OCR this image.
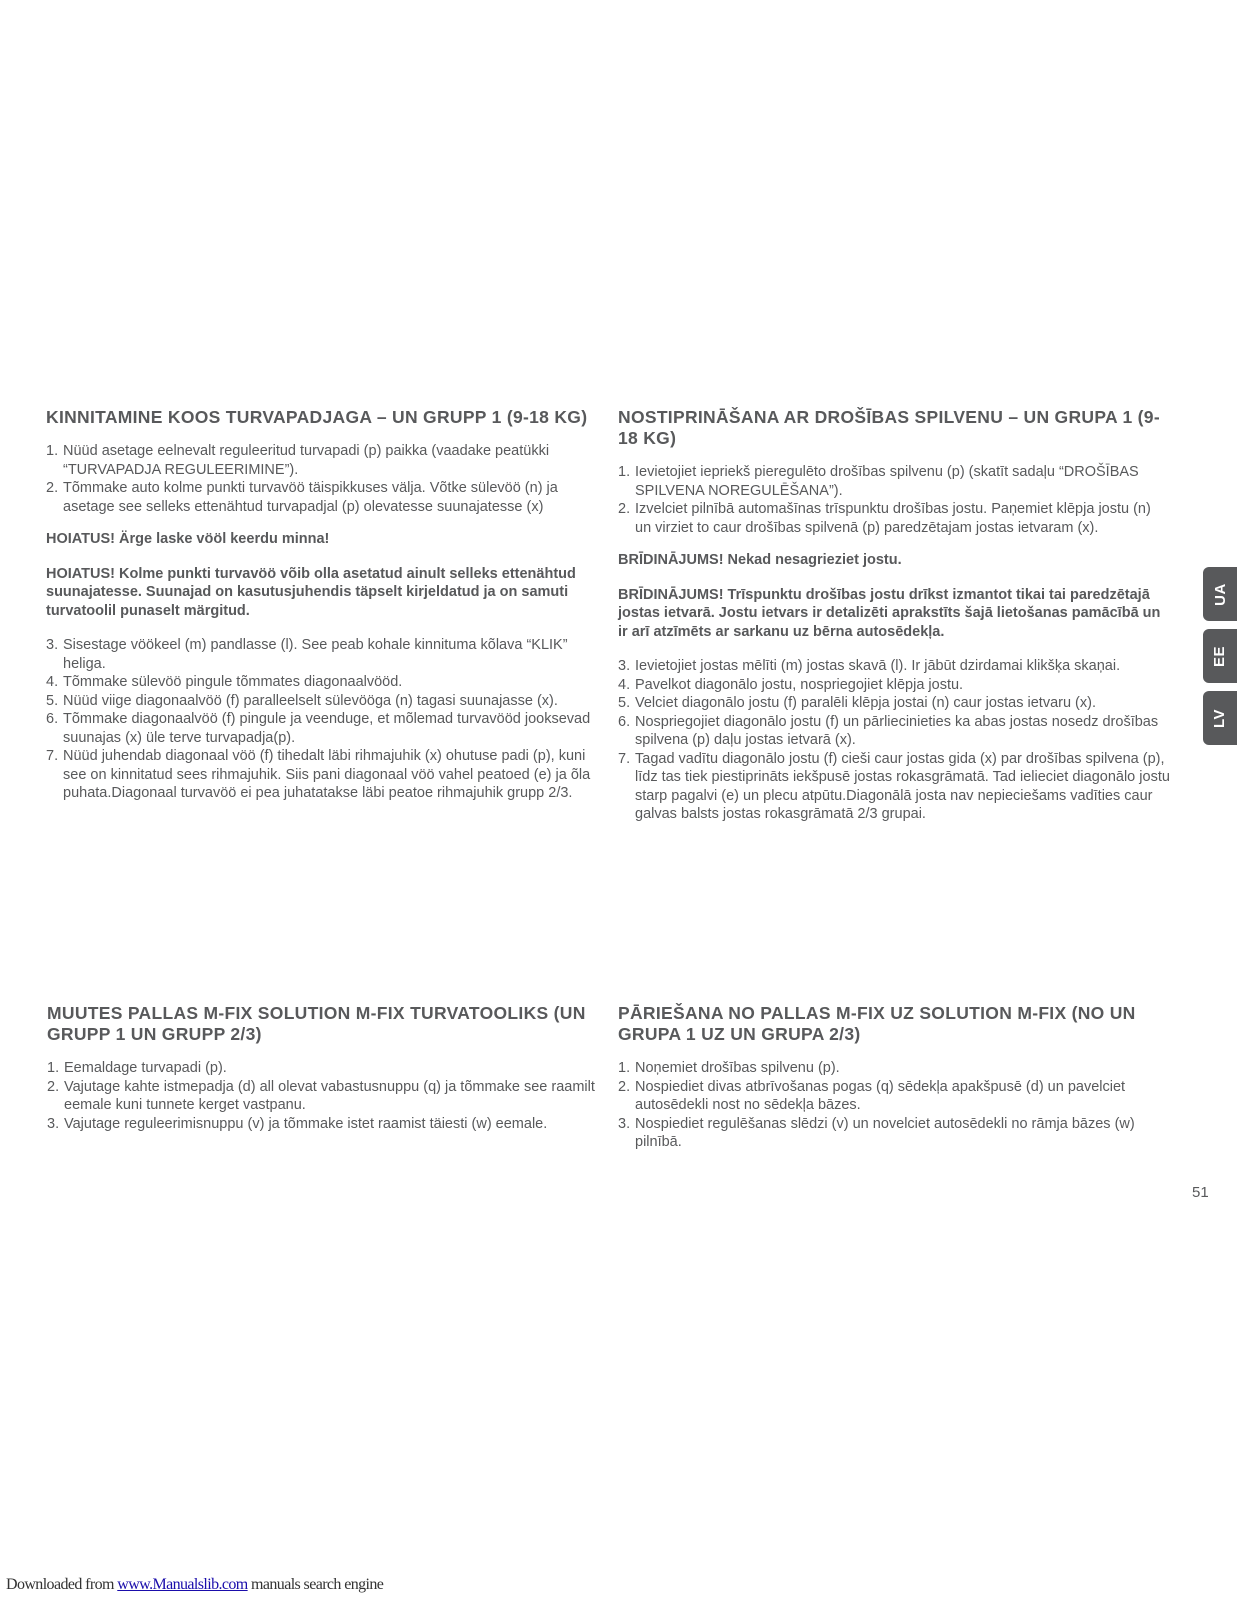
KINNITAMINE KOOS TURVAPADJAGA – UN GRUPP 1 (9-18 KG)
1. Nüüd asetage eelnevalt reguleeritud turvapadi (p) paikka (vaadake peatükki “TURVAPADJA REGULEERIMINE”).
2. Tõmmake auto kolme punkti turvavöö täispikkuses välja. Võtke sülevöö (n) ja asetage see selleks ettenähtud turvapadjal (p) olevatesse suunajatesse (x)

HOIATUS! Ärge laske vööl keerdu minna!

HOIATUS! Kolme punkti turvavöö võib olla asetatud ainult selleks ettenähtud suunajatesse. Suunajad on kasutusjuhendis täpselt kirjeldatud ja on samuti turvatoolil punaselt märgitud.

3. Sisestage vöökeel (m) pandlasse (l). See peab kohale kinnituma kõlava “KLIK” heliga.
4. Tõmmake sülevöö pingule tõmmates diagonaalvööd.
5. Nüüd viige diagonaalvöö (f) paralleelselt sülevööga (n) tagasi suunajasse (x).
6. Tõmmake diagonaalvöö (f) pingule ja veenduge, et mõlemad turvavööd jooksevad suunajas (x) üle terve turvapadja(p).
7. Nüüd juhendab diagonaal vöö (f) tihedalt läbi rihmajuhik (x) ohutuse padi (p), kuni see on kinnitatud sees rihmajuhik. Siis pani diagonaal vöö vahel peatoed (e) ja õla puhata.Diagonaal turvavöö ei pea juhatatakse läbi peatoe rihmajuhik grupp 2/3.
NOSTIPRINĀŠANA AR DROŠĪBAS SPILVENU – UN GRUPA 1 (9-18 KG)
1. Ievietojiet iepriekš pieregulēto drošības spilvenu (p) (skatīt sadaļu “DROŠĪBAS SPILVENA NOREGULĒŠANA”).
2. Izvelciet pilnībā automašīnas trīspunktu drošības jostu. Paņemiet klēpja jostu (n) un virziet to caur drošības spilvenā (p) paredzētajam jostas ietvaram (x).

BRĪDINĀJUMS! Nekad nesagrieziet jostu.

BRĪDINĀJUMS! Trīspunktu drošības jostu drīkst izmantot tikai tai paredzētajā jostas ietvarā. Jostu ietvars ir detalizēti aprakstīts šajā lietošanas pamācībā un ir arī atzīmēts ar sarkanu uz bērna autosēdekļa.

3. Ievietojiet jostas mēlīti (m) jostas skavā (l). Ir jābūt dzirdamai klikšķa skaņai.
4. Pavelkot diagonālo jostu, nospriegojiet klēpja jostu.
5. Velciet diagonālo jostu (f) paralēli klēpja jostai (n) caur jostas ietvaru (x).
6. Nospriegojiet diagonālo jostu (f) un pārliecinieties ka abas jostas nosedz drošības spilvena (p) daļu jostas ietvarā (x).
7. Tagad vadītu diagonālo jostu (f) cieši caur jostas gida (x) par drošības spilvena (p), līdz tas tiek piestiprināts iekšpusē jostas rokasgrāmatā. Tad ielieciet diagonālo jostu starp pagalvi (e) un plecu atpūtu.Diagonālā josta nav nepieciešams vadīties caur galvas balsts jostas rokasgrāmatā 2/3 grupai.
MUUTES PALLAS M-FIX SOLUTION M-FIX TURVATOOLIKS (UN GRUPP 1 UN GRUPP 2/3)
1. Eemaldage turvapadi (p).
2. Vajutage kahte istmepadja (d) all olevat vabastusnuppu (q) ja tõmmake see raamilt eemale kuni tunnete kerget vastpanu.
3. Vajutage reguleerimisnuppu (v) ja tõmmake istet raamist täiesti (w) eemale.
PĀRIEŠANA NO PALLAS M-FIX UZ SOLUTION M-FIX (NO UN GRUPA 1 UZ UN GRUPA 2/3)
1. Noņemiet drošības spilvenu (p).
2. Nospiediet divas atbrīvošanas pogas (q) sēdekļa apakšpusē (d) un pavelciet autosēdekli nost no sēdekļa bāzes.
3. Nospiediet regulēšanas slēdzi (v) un novelciet autosēdekli no rāmja bāzes (w) pilnībā.
UA
EE
LV
51
Downloaded from www.Manualslib.com manuals search engine
